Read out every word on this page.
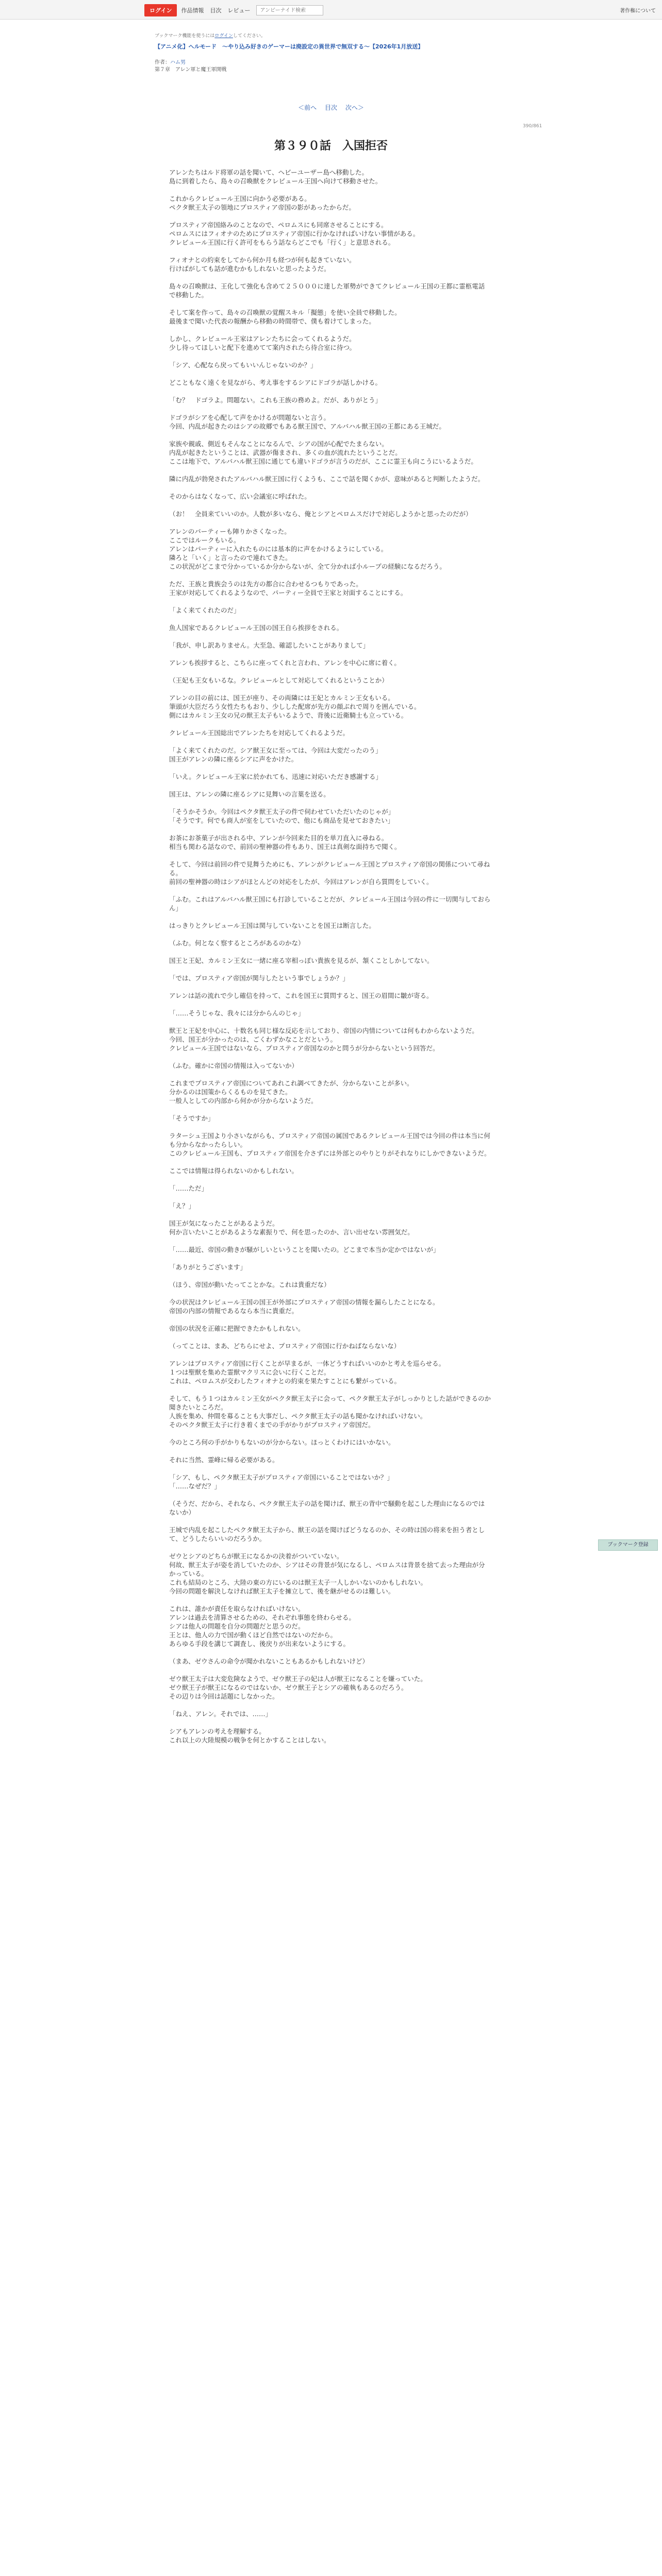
ログイン	作品情報 目次 レビュー
アンビーナイド検索	著作権について
ブックマーク機能を使うにはログインしてください。
【アニメ化】ヘルモード　～やり込み好きのゲーマーは廃設定の異世界で無双する～【2026年1月放送】
作者：ハム男
第７章　アレン軍と魔王軍開戦
＜前へ 目次 次へ＞
390/861
第３９０話　入国拒否

アレンたちはルド将軍の話を聞いて、ヘビーユーザー島へ移動した。
島に到着したら、島々の召喚獣をクレビュール王国へ向けて移動させた。

これからクレビュール王国に向かう必要がある。
ペクタ獣王太子の領地にプロスティア帝国の影があったからだ。

プロスティア帝国絡みのことなので、ペロムスにも同席させることにする。
ペロムスにはフィオナのためにプロスティア帝国に行かなければいけない事情がある。
クレビュール王国に行く許可をもらう話ならどこでも「行く」と意思される。

フィオナとの約束をしてから何か月も経つが何も起きていない。
行けばがしても話が進むかもしれないと思ったようだ。

島々の召喚獣は、王化して強化も含めて２５０００に達した軍勢ができてクレビュール王国の王都に霊柩電話で移動した。

そして案を作って、島々の召喚獣の覚醒スキル「擬態」を使い全員で移動した。
最後まで聞いた代表の報酬から移動の時間帯で、僕も着けてしまった。

しかし、クレビュール王家はアレンたちに会ってくれるようだ。
少し待ってほしいと配下を進めてて案内されたら待合室に待つ。

「シア、心配なら戻ってもいいんじゃないのか？」

どこともなく遠くを見ながら、考え事をするシアにドゴラが話しかける。

「む？　ドゴラよ。問題ない。これも王族の務めよ。だが、ありがとう」

ドゴラがシアを心配して声をかけるが問題ないと言う。
今回、内乱が起きたのはシアの故郷でもある獣王国で、アルバハル獣王国の王都にある王城だ。

家族や親戚、側近もそんなことになるんで、シアの国が心配でたまらない。
内乱が起きたということは、武器が傷まされ、多くの血が流れたということだ。
ここは地下で、アルバハル獣王国に通じても違いドゴラが言うのだが、ここに霊王も向こうにいるようだ。

隣に内乱が勃発されたアルバハル獣王国に行くようも、ここで話を聞くかが、意味があると判断したようだ。

そのからはなくなって、広い会議室に呼ばれた。

（お！　全員来ていいのか。人数が多いなら、俺とシアとペロムスだけで対応しようかと思ったのだが）

アレンのパーティーも陣りかさくなった。
ここではルークもいる。
アレンはパーティーに入れたものには基本的に声をかけるようにしている。
隣ろと「いく」と言ったので連れてきた。
この状況がどこまで分かっているか分からないが、全て分かれば小ループの経験になるだろう。

ただ、王族と貴族会うのは先方の都合に合わせるつもりであった。
王家が対応してくれるようなので、パーティー全員で王家と対面することにする。

「よく来てくれたのだ」

魚人国家であるクレビュール王国の国王自ら挨拶をされる。

「我が、申し訳ありません。大至急、確認したいことがありまして」

アレンも挨拶すると、こちらに座ってくれと言われ、アレンを中心に席に着く。

（王妃も王女もいるな。クレビュールとして対応してくれるということか）

アレンの目の前には、国王が座り、その両隣には王妃とカルミン王女もいる。
筆頭が大臣だろう女性たちもおり、少しした配席が先方の顔ぶれで周りを囲んでいる。
側にはカルミン王女の兄の獣王太子もいるようで、背後に近衛騎士も立っている。

クレビュール王国総出でアレンたちを対応してくれるようだ。

「よく来てくれたのだ。シア獣王女に至っては、今回は大変だったのう」
国王がアレンの隣に座るシアに声をかけた。

「いえ。クレビュール王家に於かれても、迅速に対応いただき感謝する」

国王は、アレンの隣に座るシアに見舞いの言葉を送る。

「そうかそうか。今回はペクタ獣王太子の件で伺わせていただいたのじゃが」
「そうです。何でも商人が室をしていたので、他にも商品を見せておきたい」

お茶にお茶菓子が出される中、アレンが今回来た目的を単刀直入に尋ねる。
相当も関わる話なので、前回の聖神器の件もあり、国王は真剣な面持ちで聞く。

そして、今回は前回の件で見舞うためにも、アレンがクレビュール王国とプロスティア帝国の関係について尋ねる。
前回の聖神器の時はシアがほとんどの対応をしたが、今回はアレンが自ら質問をしていく。

「ふむ。これはアルバハル獣王国にも打診していることだが、クレビュール王国は今回の件に一切関与しておらん」

はっきりとクレビュール王国は関与していないことを国王は断言した。

（ふむ。何となく察するところがあるのかな）

国王と王妃、カルミン王女に一緒に座る宰相っぽい貴族を見るが、頷くことしかしてない。

「では、プロスティア帝国が関与したという事でしょうか？」

アレンは話の流れで少し確信を持って、これを国王に質問すると、国王の眉間に皺が寄る。

「……そうじゃな、我々には分からんのじゃ」

獣王と王妃を中心に、十数名も同じ様な反応を示しており、帝国の内情については何もわからないようだ。
今回、国王が分かったのは、ごくわずかなことだという。
クレビュール王国ではないなら、プロスティア帝国なのかと問うが分からないという回答だ。

（ふむ。確かに帝国の情報は入ってないか）

これまでプロスティア帝国についてあれこれ調べてきたが、分からないことが多い。
分かるのは国策からくるものを見てきた。
一般人としての内部から何かが分からないようだ。

「そうですか」

ラターシュ王国より小さいながらも、プロスティア帝国の属国であるクレビュール王国では今回の件は本当に何も分からなかったらしい。
このクレビュール王国も、プロスティア帝国を介さずには外部とのやりとりがそれなりにしかできないようだ。

ここでは情報は得られないのかもしれない。

「……ただ」

「え？」

国王が気になったことがあるようだ。
何か言いたいことがあるような素振りで、何を思ったのか、言い出せない雰囲気だ。

「……最近、帝国の動きが騒がしいということを聞いたの。どこまで本当か定かではないが」

「ありがとうございます」

（ほう、帝国が動いたってことかな。これは貴重だな）

今の状況はクレビュール王国の国王が外部にプロスティア帝国の情報を漏らしたことになる。
帝国の内部の情報であるなら本当に貴重だ。

帝国の状況を正確に把握できたかもしれない。

（ってことは、まあ、どちらにせよ、プロスティア帝国に行かねばならないな）

アレンはプロスティア帝国に行くことが早まるが、一体どうすればいいのかと考えを巡らせる。
１つは聖獣を集めた霊獣マクリスに会いに行くことだ。
これは、ペロムスが交わしたフィオナとの約束を果たすことにも繋がっている。

そして、もう１つはカルミン王女がペクタ獣王太子に会って、ペクタ獣王太子がしっかりとした話ができるのか聞きたいところだ。
人族を集め、仲間を募ることも大事だし、ペクタ獣王太子の話も聞かなければいけない。
そのペクタ獣王太子に行き着くまでの手がかりがプロスティア帝国だ。

今のところ何の手がかりもないのが分からない。ほっとくわけにはいかない。

それに当然、霊峰に帰る必要がある。

「シア、もし、ペクタ獣王太子がプロスティア帝国にいることではないか？」
「……なぜだ？」

（そうだ、だから、それなら、ペクタ獣王太子の話を聞けば、獣王の背中で騒動を起こした理由になるのではないか）

王城で内乱を起こしたペクタ獣王太子から、獣王の話を聞けばどうなるのか、その時は国の将来を担う者として、どうしたらいいのだろうか。

ゼウとシアのどちらが獣王になるかの決着がついていない。
何故、獣王太子が姿を消していたのか、シアはその背景が気になるし、ペロムスは背景を捨て去った理由が分かっている。
これも結局のところ、大陸の東の方にいるのは獣王太子一人しかいないのかもしれない。
今回の問題を解決しなければ獣王太子を擁立して、後を継がせるのは難しい。

これは、誰かが責任を取らなければいけない。
アレンは過去を清算させるための、それぞれ事態を終わらせる。
シアは他人の問題を自分の問題だと思うのだ。
王とは、他人の力で国が動くほど自然ではないのだから。
あらゆる手段を講じて調査し、後戻りが出来ないようにする。

（まあ、ゼウさんの命令が聞かれないこともあるかもしれないけど）

ゼウ獣王太子は大変危険なようで、ゼウ獣王子の妃は人が獣王になることを嫌っていた。
ゼウ獣王子が獣王になるのではないか、ゼウ獣王子とシアの確執もあるのだろう。
その辺りは今回は話題にしなかった。

「ねえ、アレン。それでは、……」

シアもアレンの考えを理解する。
これ以上の大陸規模の戦争を何とかすることはしない。

ブックマーク登録
